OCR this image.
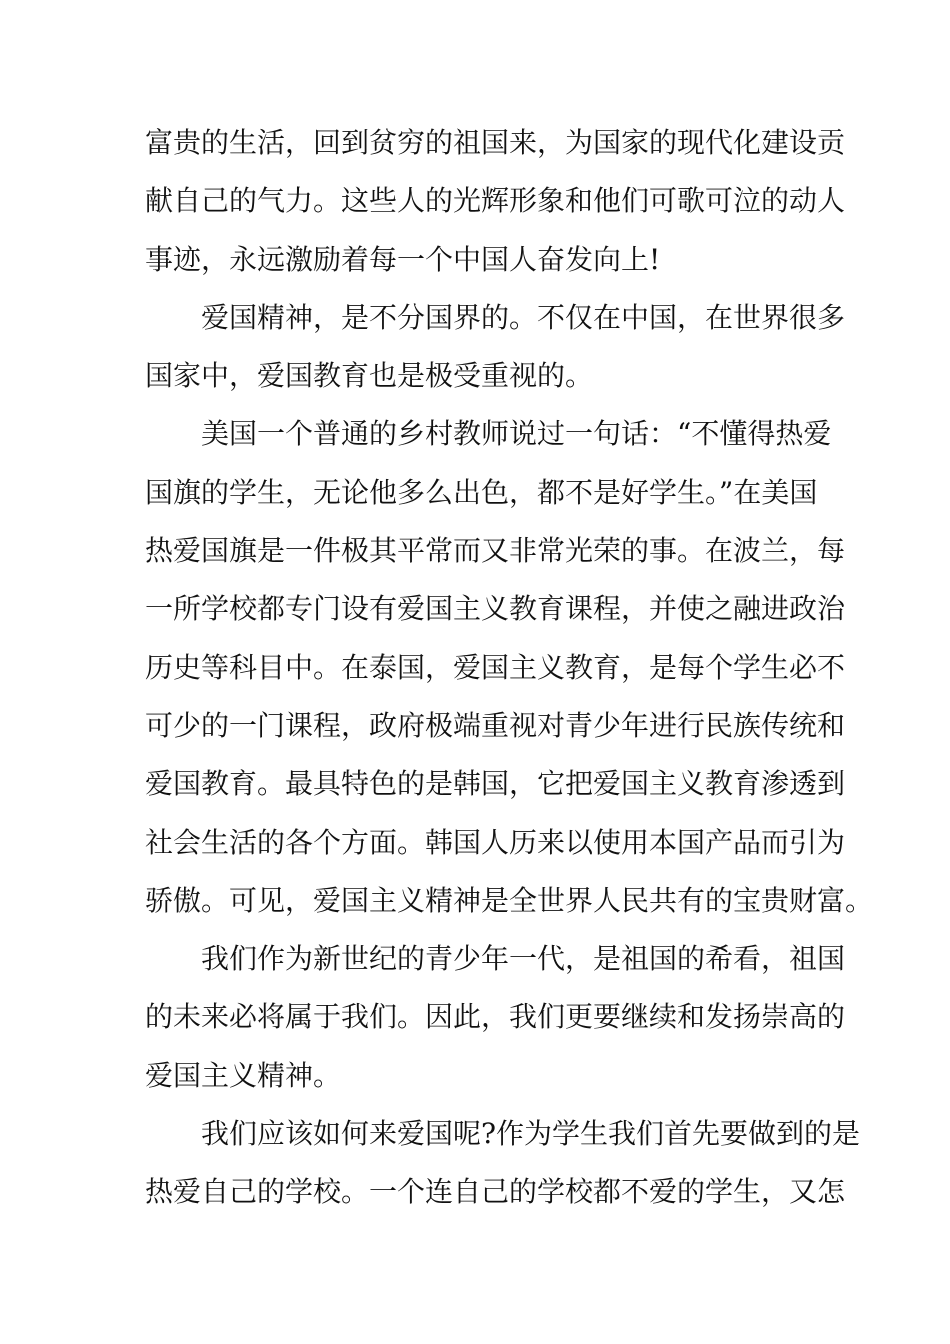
富贵的生活，回到贫穷的祖国来，为国家的现代化建设贡
献自己的气力。这些人的光辉形象和他们可歌可泣的动人
事迹，永远激励着每一个中国人奋发向上!
爱国精神，是不分国界的。不仅在中国，在世界很多
国家中，爱国教育也是极受重视的。
美国一个普通的乡村教师说过一句话：“不懂得热爱
国旗的学生，无论他多么出色，都不是好学生。”在美国
热爱国旗是一件极其平常而又非常光荣的事。在波兰，每
一所学校都专门设有爱国主义教育课程，并使之融进政治
历史等科目中。在泰国，爱国主义教育，是每个学生必不
可少的一门课程，政府极端重视对青少年进行民族传统和
爱国教育。最具特色的是韩国，它把爱国主义教育渗透到
社会生活的各个方面。韩国人历来以使用本国产品而引为
骄傲。可见，爱国主义精神是全世界人民共有的宝贵财富。
我们作为新世纪的青少年一代，是祖国的希看，祖国
的未来必将属于我们。因此，我们更要继续和发扬崇高的
爱国主义精神。
我们应该如何来爱国呢?作为学生我们首先要做到的是
热爱自己的学校。一个连自己的学校都不爱的学生，又怎
